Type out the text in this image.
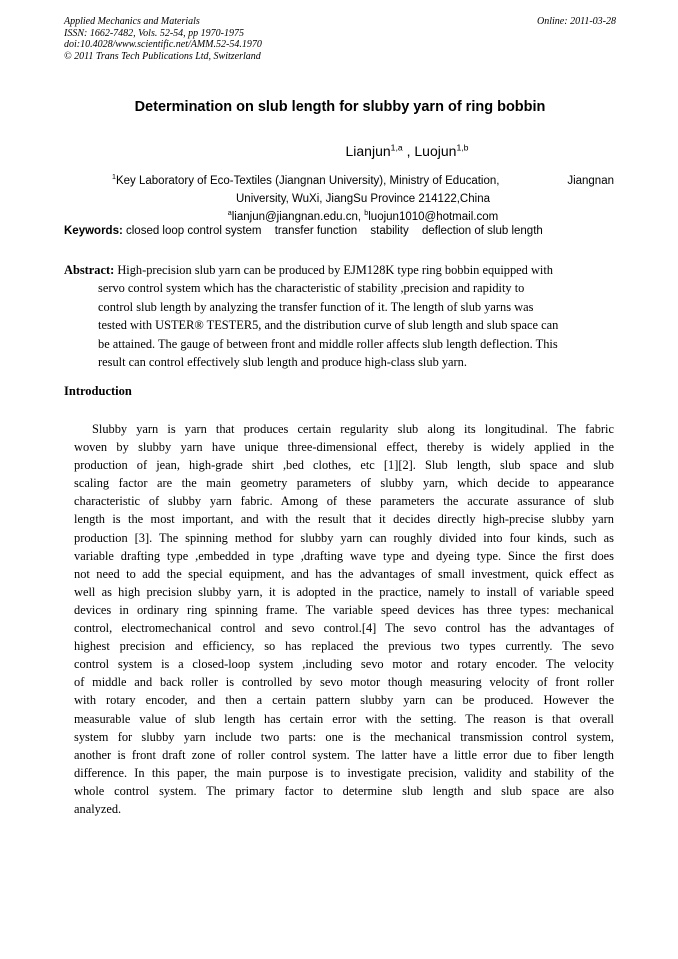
Applied Mechanics and Materials
ISSN: 1662-7482, Vols. 52-54, pp 1970-1975
doi:10.4028/www.scientific.net/AMM.52-54.1970
© 2011 Trans Tech Publications Ltd, Switzerland
Online: 2011-03-28
Determination on slub length for slubby yarn of ring bobbin
Lianjun$^{1,a}$ , Luojun$^{1,b}$
$^1$Key Laboratory of Eco-Textiles (Jiangnan University), Ministry of Education,	Jiangnan
University, WuXi, JiangSu Province 214122,China
$^a$lianjun@jiangnan.edu.cn, $^b$luojun1010@hotmail.com
Keywords: closed loop control system transfer function stability deflection of slub length
Abstract: High-precision slub yarn can be produced by EJM128K type ring bobbin equipped with
servo control system which has the characteristic of stability ,precision and rapidity to
control slub length by analyzing the transfer function of it. The length of slub yarns was
tested with USTER® TESTER5, and the distribution curve of slub length and slub space can
be attained. The gauge of between front and middle roller affects slub length deflection. This
result can control effectively slub length and produce high-class slub yarn.
Introduction
Slubby yarn is yarn that produces certain regularity slub along its longitudinal. The fabric
woven by slubby yarn have unique three-dimensional effect, thereby is widely applied in the
production of jean, high-grade shirt ,bed clothes, etc [1][2]. Slub length, slub space and slub
scaling factor are the main geometry parameters of slubby yarn, which decide to appearance
characteristic of slubby yarn fabric. Among of these parameters the accurate assurance of slub
length is the most important, and with the result that it decides directly high-precise slubby yarn
production [3]. The spinning method for slubby yarn can roughly divided into four kinds, such as
variable drafting type ,embedded in type ,drafting wave type and dyeing type. Since the first does
not need to add the special equipment, and has the advantages of small investment, quick effect as
well as high precision slubby yarn, it is adopted in the practice, namely to install of variable speed
devices in ordinary ring spinning frame. The variable speed devices has three types: mechanical
control, electromechanical control and sevo control.[4] The sevo control has the advantages of
highest precision and efficiency, so has replaced the previous two types currently. The sevo
control system is a closed-loop system ,including sevo motor and rotary encoder. The velocity
of middle and back roller is controlled by sevo motor though measuring velocity of front roller
with rotary encoder, and then a certain pattern slubby yarn can be produced. However the
measurable value of slub length has certain error with the setting. The reason is that overall
system for slubby yarn include two parts: one is the mechanical transmission control system,
another is front draft zone of roller control system. The latter have a little error due to fiber length
difference. In this paper, the main purpose is to investigate precision, validity and stability of the
whole control system. The primary factor to determine slub length and slub space are also
analyzed.
